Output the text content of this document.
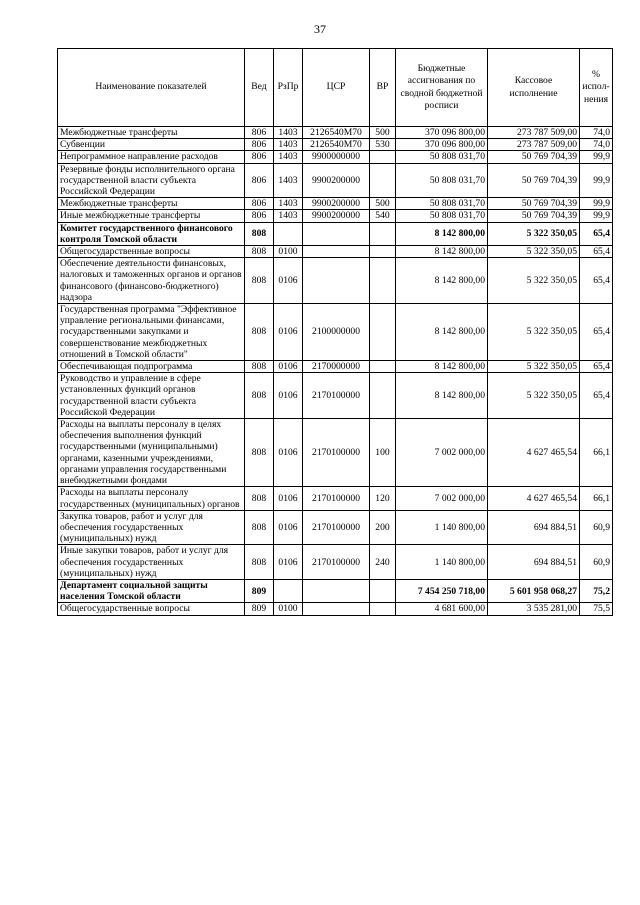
37
Наименование показателей	Вед	РзПр	ЦСР	ВР	Бюджетные ассигнования по сводной бюджетной росписи	Кассовое исполнение	% испол-нения
Межбюджетные трансферты	806	1403	2126540M70	500	370 096 800,00	273 787 509,00	74,0
Субвенции	806	1403	2126540M70	530	370 096 800,00	273 787 509,00	74,0
Непрограммное направление расходов	806	1403	9900000000		50 808 031,70	50 769 704,39	99,9
Резервные фонды исполнительного органа государственной власти субъекта Российской Федерации	806	1403	9900200000		50 808 031,70	50 769 704,39	99,9
Межбюджетные трансферты	806	1403	9900200000	500	50 808 031,70	50 769 704,39	99,9
Иные межбюджетные трансферты	806	1403	9900200000	540	50 808 031,70	50 769 704,39	99,9
Комитет государственного финансового контроля Томской области	808				8 142 800,00	5 322 350,05	65,4
Общегосударственные вопросы	808	0100			8 142 800,00	5 322 350,05	65,4
Обеспечение деятельности финансовых, налоговых и таможенных органов и органов финансового (финансово-бюджетного) надзора	808	0106			8 142 800,00	5 322 350,05	65,4
Государственная программа "Эффективное управление региональными финансами, государственными закупками и совершенствование межбюджетных отношений в Томской области"	808	0106	2100000000		8 142 800,00	5 322 350,05	65,4
Обеспечивающая подпрограмма	808	0106	2170000000		8 142 800,00	5 322 350,05	65,4
Руководство и управление в сфере установленных функций органов государственной власти субъекта Российской Федерации	808	0106	2170100000		8 142 800,00	5 322 350,05	65,4
Расходы на выплаты персоналу в целях обеспечения выполнения функций государственными (муниципальными) органами, казенными учреждениями, органами управления государственными внебюджетными фондами	808	0106	2170100000	100	7 002 000,00	4 627 465,54	66,1
Расходы на выплаты персоналу государственных (муниципальных) органов	808	0106	2170100000	120	7 002 000,00	4 627 465,54	66,1
Закупка товаров, работ и услуг для обеспечения государственных (муниципальных) нужд	808	0106	2170100000	200	1 140 800,00	694 884,51	60,9
Иные закупки товаров, работ и услуг для обеспечения государственных (муниципальных) нужд	808	0106	2170100000	240	1 140 800,00	694 884,51	60,9
Департамент социальной защиты населения Томской области	809				7 454 250 718,00	5 601 958 068,27	75,2
Общегосударственные вопросы	809	0100			4 681 600,00	3 535 281,00	75,5
